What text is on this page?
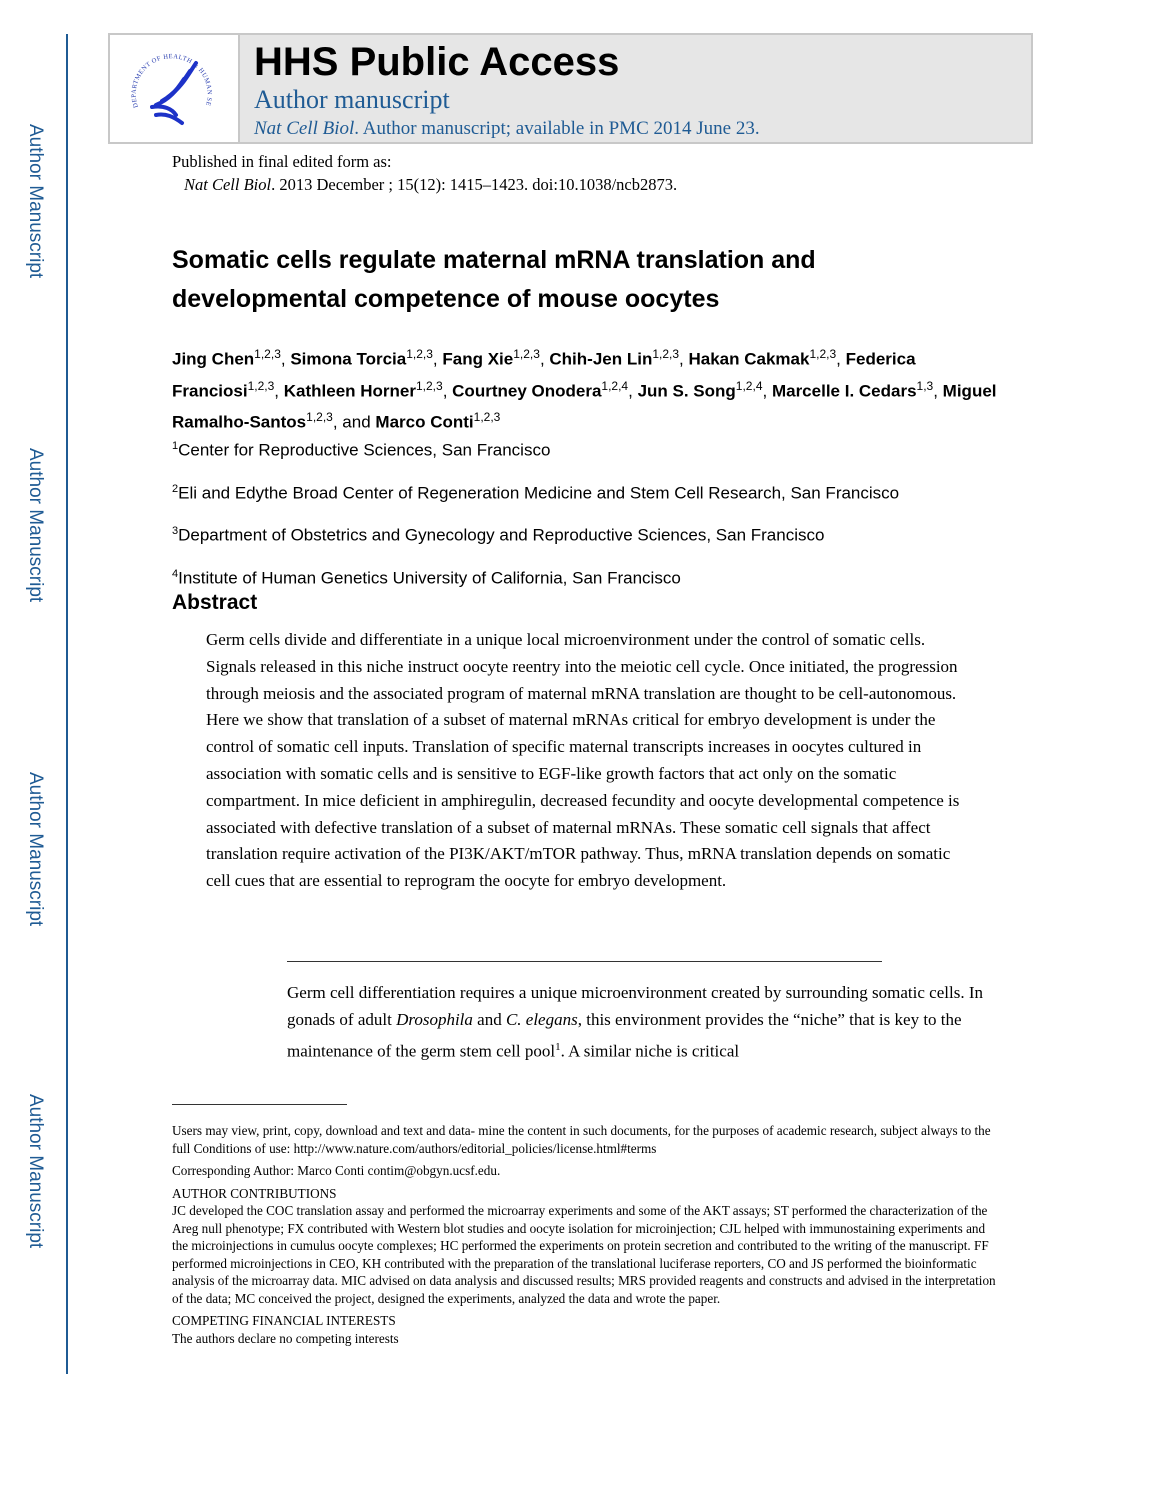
Author Manuscript
Author Manuscript
Author Manuscript
Author Manuscript
DEPARTMENT OF HEALTH & HUMAN SE
HHS Public Access
Author manuscript
Nat Cell Biol. Author manuscript; available in PMC 2014 June 23.
Published in final edited form as:
Nat Cell Biol. 2013 December ; 15(12): 1415–1423. doi:10.1038/ncb2873.
Somatic cells regulate maternal mRNA translation and developmental competence of mouse oocytes
Jing Chen$^{1,2,3}$, Simona Torcia$^{1,2,3}$, Fang Xie$^{1,2,3}$, Chih-Jen Lin$^{1,2,3}$, Hakan Cakmak$^{1,2,3}$, Federica Franciosi$^{1,2,3}$, Kathleen Horner$^{1,2,3}$, Courtney Onodera$^{1,2,4}$, Jun S. Song$^{1,2,4}$, Marcelle I. Cedars$^{1,3}$, Miguel Ramalho-Santos$^{1,2,3}$, and Marco Conti$^{1,2,3}$
$^1$Center for Reproductive Sciences, San Francisco
$^2$Eli and Edythe Broad Center of Regeneration Medicine and Stem Cell Research, San Francisco
$^3$Department of Obstetrics and Gynecology and Reproductive Sciences, San Francisco
$^4$Institute of Human Genetics University of California, San Francisco
Abstract
Germ cells divide and differentiate in a unique local microenvironment under the control of somatic cells. Signals released in this niche instruct oocyte reentry into the meiotic cell cycle. Once initiated, the progression through meiosis and the associated program of maternal mRNA translation are thought to be cell-autonomous. Here we show that translation of a subset of maternal mRNAs critical for embryo development is under the control of somatic cell inputs. Translation of specific maternal transcripts increases in oocytes cultured in association with somatic cells and is sensitive to EGF-like growth factors that act only on the somatic compartment. In mice deficient in amphiregulin, decreased fecundity and oocyte developmental competence is associated with defective translation of a subset of maternal mRNAs. These somatic cell signals that affect translation require activation of the PI3K/AKT/mTOR pathway. Thus, mRNA translation depends on somatic cell cues that are essential to reprogram the oocyte for embryo development.
Germ cell differentiation requires a unique microenvironment created by surrounding somatic cells. In gonads of adult Drosophila and C. elegans, this environment provides the “niche” that is key to the maintenance of the germ stem cell pool$^1$. A similar niche is critical

Users may view, print, copy, download and text and data- mine the content in such documents, for the purposes of academic research, subject always to the full Conditions of use: http://www.nature.com/authors/editorial_policies/license.html#terms

Corresponding Author: Marco Conti contim@obgyn.ucsf.edu.

AUTHOR CONTRIBUTIONS

JC developed the COC translation assay and performed the microarray experiments and some of the AKT assays; ST performed the characterization of the Areg null phenotype; FX contributed with Western blot studies and oocyte isolation for microinjection; CJL helped with immunostaining experiments and the microinjections in cumulus oocyte complexes; HC performed the experiments on protein secretion and contributed to the writing of the manuscript. FF performed microinjections in CEO, KH contributed with the preparation of the translational luciferase reporters, CO and JS performed the bioinformatic analysis of the microarray data. MIC advised on data analysis and discussed results; MRS provided reagents and constructs and advised in the interpretation of the data; MC conceived the project, designed the experiments, analyzed the data and wrote the paper.

COMPETING FINANCIAL INTERESTS

The authors declare no competing interests
